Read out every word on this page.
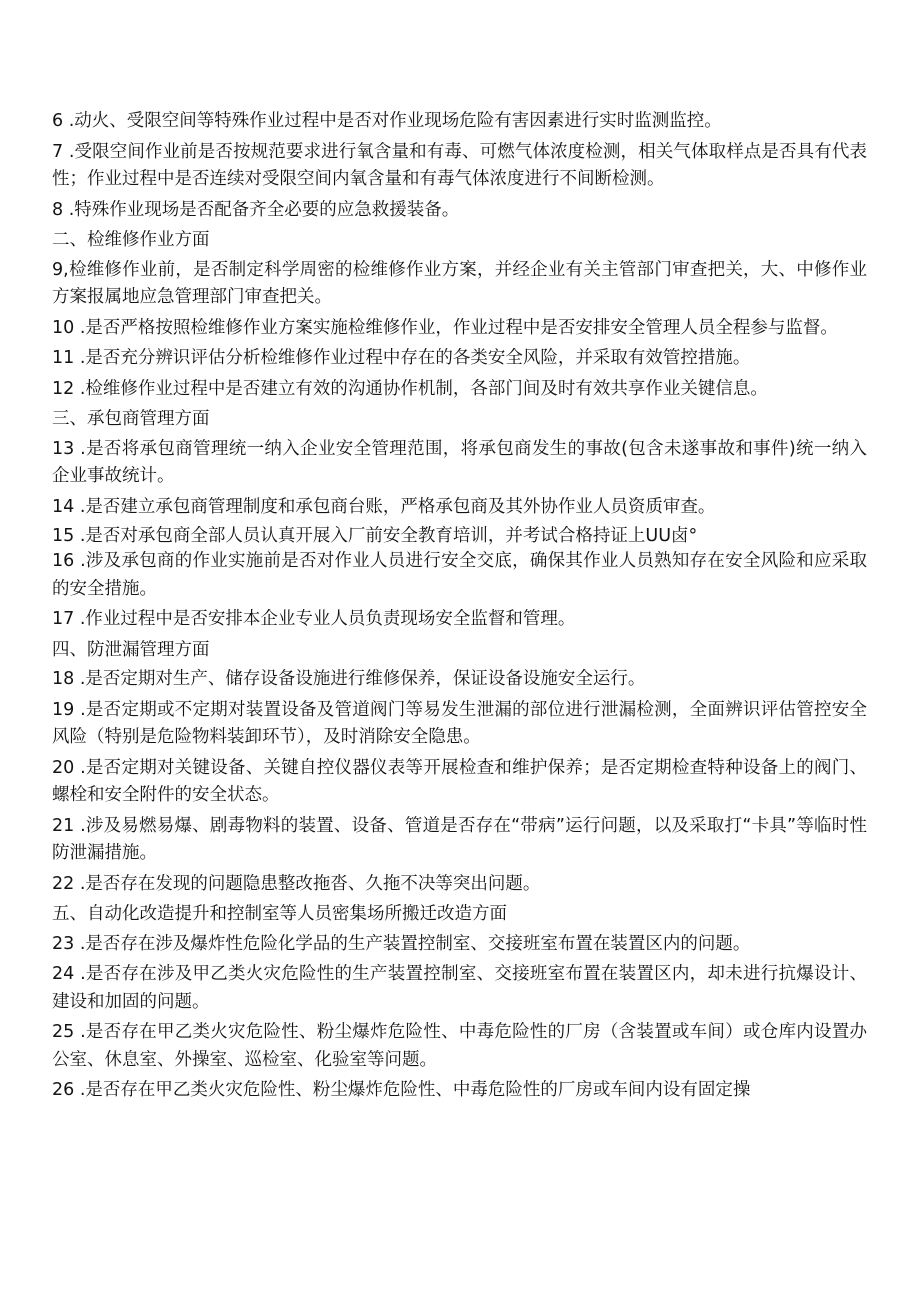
6 .动火、受限空间等特殊作业过程中是否对作业现场危险有害因素进行实时监测监控。

7 .受限空间作业前是否按规范要求进行氧含量和有毒、可燃气体浓度检测，相关气体取样点是否具有代表性；作业过程中是否连续对受限空间内氧含量和有毒气体浓度进行不间断检测。

8 .特殊作业现场是否配备齐全必要的应急救援装备。

二、检维修作业方面

9,检维修作业前，是否制定科学周密的检维修作业方案，并经企业有关主管部门审查把关，大、中修作业方案报属地应急管理部门审查把关。

10 .是否严格按照检维修作业方案实施检维修作业，作业过程中是否安排安全管理人员全程参与监督。

11 .是否充分辨识评估分析检维修作业过程中存在的各类安全风险，并采取有效管控措施。

12 .检维修作业过程中是否建立有效的沟通协作机制，各部门间及时有效共享作业关键信息。

三、承包商管理方面

13 .是否将承包商管理统一纳入企业安全管理范围，将承包商发生的事故(包含未遂事故和事件)统一纳入企业事故统计。

14 .是否建立承包商管理制度和承包商台账，严格承包商及其外协作业人员资质审查。

15 .是否对承包商全部人员认真开展入厂前安全教育培训，并考试合格持证上UU卤°

16 .涉及承包商的作业实施前是否对作业人员进行安全交底，确保其作业人员熟知存在安全风险和应采取的安全措施。

17 .作业过程中是否安排本企业专业人员负责现场安全监督和管理。

四、防泄漏管理方面

18 .是否定期对生产、储存设备设施进行维修保养，保证设备设施安全运行。

19 .是否定期或不定期对装置设备及管道阀门等易发生泄漏的部位进行泄漏检测，全面辨识评估管控安全风险（特别是危险物料装卸环节），及时消除安全隐患。

20 .是否定期对关键设备、关键自控仪器仪表等开展检查和维护保养；是否定期检查特种设备上的阀门、螺栓和安全附件的安全状态。

21 .涉及易燃易爆、剧毒物料的装置、设备、管道是否存在“带病”运行问题，以及采取打“卡具”等临时性防泄漏措施。

22 .是否存在发现的问题隐患整改拖沓、久拖不决等突出问题。

五、自动化改造提升和控制室等人员密集场所搬迁改造方面

23 .是否存在涉及爆炸性危险化学品的生产装置控制室、交接班室布置在装置区内的问题。

24 .是否存在涉及甲乙类火灾危险性的生产装置控制室、交接班室布置在装置区内，却未进行抗爆设计、建设和加固的问题。

25 .是否存在甲乙类火灾危险性、粉尘爆炸危险性、中毒危险性的厂房（含装置或车间）或仓库内设置办公室、休息室、外操室、巡检室、化验室等问题。

26 .是否存在甲乙类火灾危险性、粉尘爆炸危险性、中毒危险性的厂房或车间内设有固定操
